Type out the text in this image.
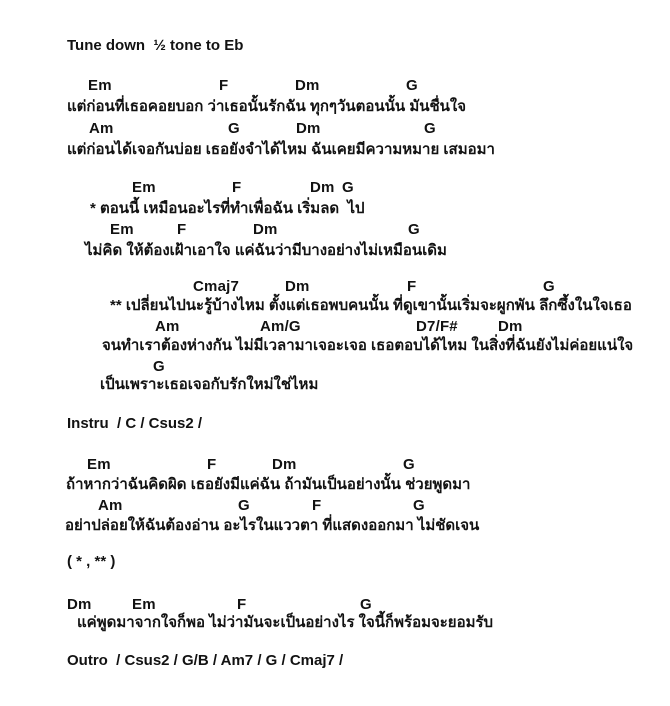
Tune down  ½ tone to Eb
Em	F	Dm	G
แต่ก่อนที่เธอคอยบอก ว่าเธอนั้นรักฉัน ทุกๆวันตอนนั้น มันชื่นใจ
Am	G	Dm	G
แต่ก่อนได้เจอกันบ่อย เธอยังจำได้ไหม ฉันเคยมีความหมาย เสมอมา
Em	F	Dm G
* ตอนนี้ เหมือนอะไรที่ทำเพื่อฉัน เริ่มลด  ไป
Em	F	Dm	G
ไม่คิด ให้ต้องเฝ้าเอาใจ แค่ฉันว่ามีบางอย่างไม่เหมือนเดิม
Cmaj7	Dm	F	G
** เปลี่ยนไปนะรู้บ้างไหม ตั้งแต่เธอพบคนนั้น ที่ดูเขานั้นเริ่มจะผูกพัน ลึกซึ้งในใจเธอ
Am	Am/G	D7/F#	Dm
จนทำเราต้องห่างกัน ไม่มีเวลามาเจอะเจอ เธอตอบได้ไหม ในสิ่งที่ฉันยังไม่ค่อยแน่ใจ
G
เป็นเพราะเธอเจอกับรักใหม่ใช่ไหม
Instru  / C / Csus2 /
Em	F	Dm	G
ถ้าหากว่าฉันคิดผิด เธอยังมีแค่ฉัน ถ้ามันเป็นอย่างนั้น ช่วยพูดมา
Am	G	F	G
อย่าปล่อยให้ฉันต้องอ่าน อะไรในแววตา ที่แสดงออกมา ไม่ชัดเจน
( * , ** )
Dm	Em	F	G
แค่พูดมาจากใจก็พอ ไม่ว่ามันจะเป็นอย่างไร ใจนี้ก็พร้อมจะยอมรับ
Outro  / Csus2 / G/B / Am7 / G / Cmaj7 /
